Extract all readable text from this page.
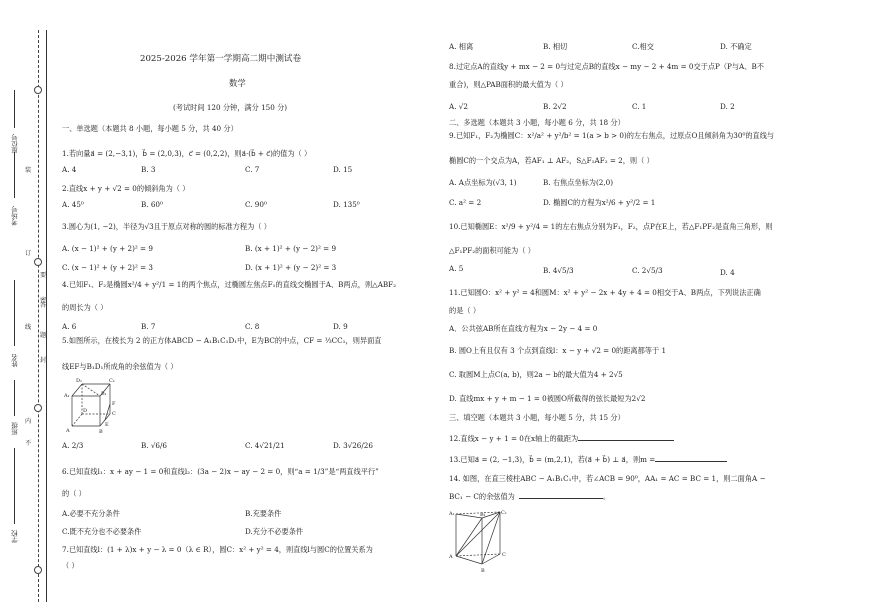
座位号
考场号
姓名
班级
学校
装
订
线
内
不
要
答
题
密
封
2025-2026 学年第一学期高二期中测试卷
数学
(考试时间 120 分钟，满分 150 分)
一、单选题（本题共 8 小题，每小题 5 分，共 40 分）
1.若向量a⃗ = (2,−3,1)，b⃗ = (2,0,3)，c⃗ = (0,2,2)，则a⃗·(b⃗ + c⃗)的值为（ ）
A. 4	B. 3	C. 7	D. 15
2.直线x + y + √2 = 0的倾斜角为（ ）
A. 45⁰	B. 60⁰	C. 90⁰	D. 135⁰
3.圆心为(1, −2)，半径为√3且于原点对称的圆的标准方程为（ ）
A. (x − 1)² + (y + 2)² = 9	B. (x + 1)² + (y − 2)² = 9
C. (x − 1)² + (y + 2)² = 3	D. (x + 1)² + (y − 2)² = 3
4.已知F₁、F₂是椭圆x²/4 + y²/1 = 1的两个焦点，过椭圆左焦点F₁的直线交椭圆于A、B两点，则△ABF₂
的周长为（ ）
A. 6	B. 7	C. 8	D. 9
5.如图所示，在棱长为 2 的正方体ABCD − A₁B₁C₁D₁中，E为BC的中点，CF = ⅓CC₁，则异面直
线EF与B₁D₁所成角的余弦值为（ ）
D₁	C₁
A₁	B₁
D	C
A	B
E
F
A. 2/3	B. √6/6	C. 4√21/21	D. 3√26/26
6.已知直线l₁：x + ay − 1 = 0和直线l₂：(3a − 2)x − ay − 2 = 0，则“a = 1/3”是“两直线平行”
的（ ）
A.必要不充分条件	B.充要条件
C.既不充分也不必要条件	D.充分不必要条件
7.已知直线l：(1 + λ)x + y − λ = 0（λ ∈ R），圆C：x² + y² = 4，则直线l与圆C的位置关系为
（ ）
A. 相离	B. 相切	C.相交	D. 不确定
8.过定点A的直线y + mx − 2 = 0与过定点B的直线x − my − 2 + 4m = 0交于点P（P与A、B不
重合)，则△PAB面积的最大值为（ ）
A. √2	B. 2√2	C. 1	D. 2
二、多选题（本题共 3 小题，每小题 6 分，共 18 分）
9.已知F₁，F₂为椭圆C：x²/a² + y²/b² = 1(a > b > 0)的左右焦点，过原点O且倾斜角为30⁰的直线与
椭圆C的一个交点为A，若AF₁ ⊥ AF₂，S△F₁AF₂ = 2，则（ ）
A. A点坐标为(√3, 1)	B. 右焦点坐标为(2,0)
C. a² = 2	D. 椭圆C的方程为x²/6 + y²/2 = 1
10.已知椭圆E：x²/9 + y²/4 = 1的左右焦点分别为F₁，F₂，点P在E上，若△F₁PF₂是直角三角形，则
△F₁PF₂的面积可能为（ ）
A. 5	B. 4√5/3	C. 2√5/3	D. 4
11.已知圆O：x² + y² = 4和圆M：x² + y² − 2x + 4y + 4 = 0相交于A、B两点，下列说法正确
的是（ ）
A．公共弦AB所在直线方程为x − 2y − 4 = 0
B. 圆O上有且仅有 3 个点到直线l：x − y + √2 = 0的距离都等于 1
C. 取圆M上点C(a, b)，则2a − b的最大值为4 + 2√5
D. 直线mx + y + m − 1 = 0被圆O所截得的弦长最短为2√2
三、填空题（本题共 3 小题，每小题 5 分，共 15 分）
12.直线x − y + 1 = 0在x轴上的截距为
13.已知a⃗ = (2, −1,3)，b⃗ = (m,2,1)，若(a⃗ + b⃗) ⊥ a⃗，则m =
14. 如图，在直三棱柱ABC − A₁B₁C₁中，若∠ACB = 90⁰，AA₁ = AC = BC = 1，则二面角A −
BC₁ − C的余弦值为	。
A₁	B₁	C₁
A
B
C
